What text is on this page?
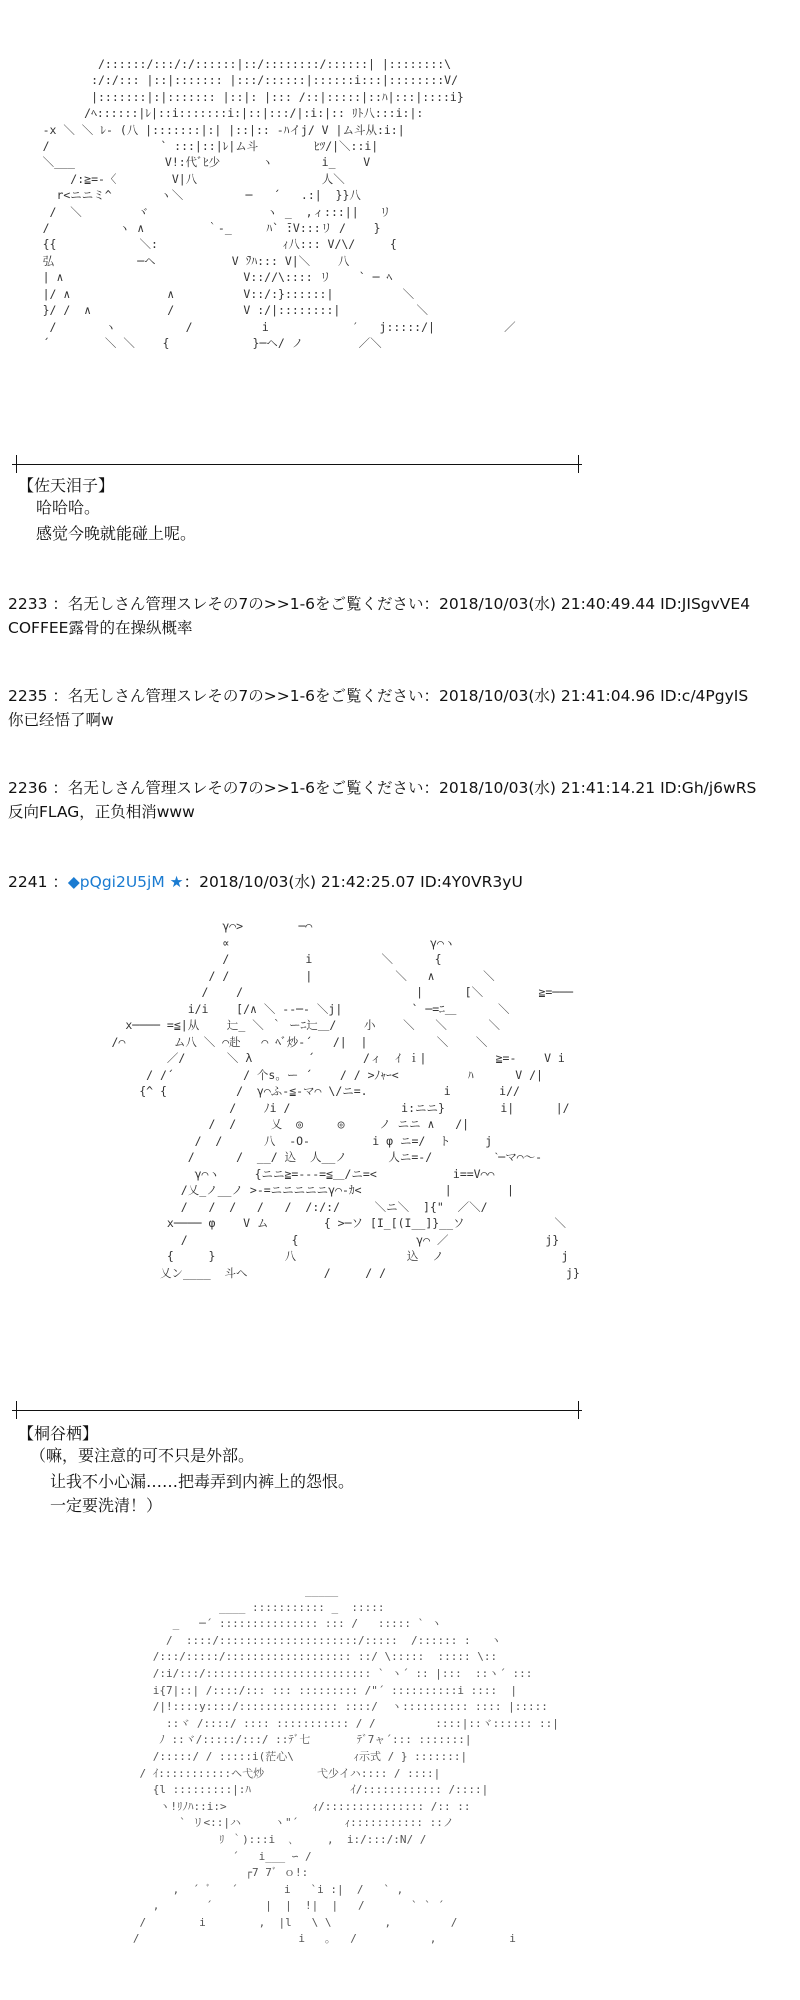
/::::::/:::/:/::::::|::/::::::::/::::::| |::::::::\
:/:/::: |::|::::::: |:::/::::::|::::::i:::|::::::::V/
|:::::::|:|::::::: |::|: |::: /::|:::::|::ﾊ|:::|::::i}
/ﾍ::::::|ﾚ|::i:::::::i:|::|:::/|:i:|:: ﾘﾄ八:::i:|:
-x ＼ ＼ ﾚ- (八 |:::::::|:| |::|:: -ﾊイj/ V |ム斗从:i:|
/                ` :::|::|ﾚ|ム斗        ﾋﾂ/|＼::i|
＼___             V!:代ﾞﾋ少      ヽ       i_    V
/:≧=-〈        V|八                  人＼
r<ニニミ^       ヽ＼         ─   ´   .:|  }}八
/  ＼        ヾ                 ヽ _  ,ィ:::||   リ
/          ヽ ∧         ｀-_     ﾊ` ̄:V:::リ /    }
{{            ＼:                  ｨ八::: V/\/     {
弘            ─ヘ           V ̄ｿﾊ::: V|＼    八
| ∧                          V:://\:::: リ    ` ─ ﾍ
|/ ∧              ∧          V::/:}::::::|          ＼
}/ /  ∧           /          V :/|::::::::|           ＼
/       ヽ          /          i            ′   j:::::/|          ／
´        ＼ ＼    {            }─ヘ/ ノ        ／＼
【佐天泪子】
哈哈哈。
感觉今晚就能碰上呢。
2233 ：名无しさん管理スレその7の>>1-6をご覧ください：2018/10/03(水) 21:40:49.44 ID:JISgvVE4
COFFEE露骨的在操纵概率
2235 ：名无しさん管理スレその7の>>1-6をご覧ください：2018/10/03(水) 21:41:04.96 ID:c/4PgyIS
你已经悟了啊w
2236 ：名无しさん管理スレその7の>>1-6をご覧ください：2018/10/03(水) 21:41:14.21 ID:Gh/j6wRS
反向FLAG，正负相消www
2241 ：◆pQgi2U5jM ★：2018/10/03(水) 21:42:25.07 ID:4Y0VR3yU
γ⌒>        ─⌒
∝                             γ⌒ヽ
/           i          ＼      {
/ /           |            ＼   ∧       ＼
/    /                         |      [＼        ≧=───
i/i    [/∧ ＼ --─- ＼j|          ` ─=ﾆ＿      ＼
x──── =≦|从    辷_ ＼ ｀ ーﾆ辷＿/    小    ＼   ＼      ＼
/⌒       ム八 ＼ ⌒赴   ⌒ ﾍﾞ炒-´   /|  |          ＼    ＼
／/      ＼ λ        ´       /ィ  ｲ ｉ|          ≧=-    V i
/ /´          / 个s。ー ´    / / >ﾉｬｰ<          ﾊ      V /|
{^ {          /  γ⌒ふ-≦-マ⌒ \/ニ=.           i       i//
/    ﾉi /                i:ニニ}        i|      |/
/  /     乂  ◎     ◎     ノ ニニ ∧   /|
/  /      八  -O-         i φ ニ=/  ト     j
/      /  __/ 込  人__ノ      人ニ=-/         ˋ─マ⌒〜-
γ⌒ヽ     {ニニ≧=---=≦＿/ニ=<           i==V⌒⌒
/乂_ノ__ノ >-=ニニニニニγ⌒-ｶ<            |        |
/   /  /   /   /  /:/:/     ＼ニ＼  ]{"  ／＼/
x──── φ    V ム        { >─ソ [I_[(I__]}__ソ             ＼
/               {                 γ⌒ ／              j}
{     }          八                込  ノ                 j
乂ン____  斗へ           /     / /                          j}
【桐谷栖】
（嘛，要注意的可不只是外部。
让我不小心漏……把毒弄到内裤上的怨恨。
一定要洗清！）
_____
____ ::::::::::: _  :::::
_   ─´ ::::::::::::::: ::: /   ::::: ` ヽ
/  ::::/:::::::::::::::::::::/:::::  /:::::: :   ヽ
/:::/:::::/::::::::::::::::::: ::/ \:::::  ::::: \::
/:i/:::/::::::::::::::::::::::::: ` ヽ´ :: |:::  ::ヽ´ :::
i{7|::| /::::/::: ::: ::::::::: /"´ ::::::::::i ::::  |
/|!::::y::::/::::::::::::::: ::::/  ヽ:::::::::: :::: |:::::
::ヾ /::::/ :::: ::::::::::: / /         ::::|::ヾ:::::: ::|
ﾉ ::ヾ/:::::/:::/ ::ﾃﾞ七       ﾃﾞ7ャ´::: :::::::|
/:::::/ / :::::i(茫心\         ｨ示式 / } :::::::|
/ ｲ:::::::::::ヘ弋炒        弋少イハ:::: / ::::|
{l :::::::::|:ﾊ               ｲ/:::::::::::: /::::|
ヽ!ﾘﾉﾊ::i:>             ｨ/::::::::::::::: /:: ::
` リ<::|ハ     ヽ"´       ｨ::::::::::: ::ノ
ﾘ ｀):::i  ､     ,  i:/:::/:N/ /
´   i___ ∽ /
┌7 7ﾞ ｏ!:
,  ´ ﾞ   ´       i   `i :|  /   ` ,
,       ´        |  |  !|  |   /       ` ` ´
/        i        ,  |l   \ \        ,         /
/                        i   ｡   /           ,           i
